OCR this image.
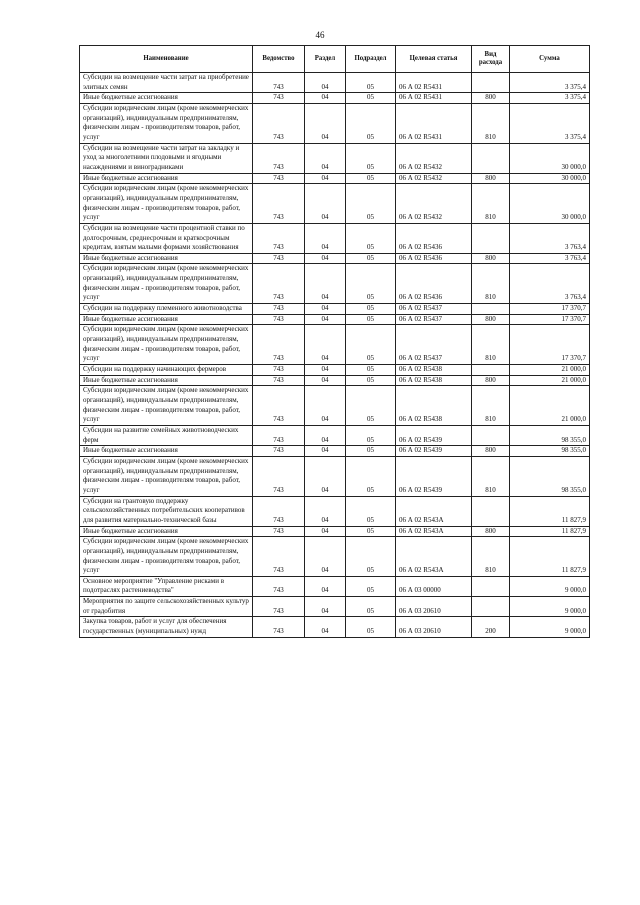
46
Наименование	Ведомство	Раздел	Подраздел	Целевая статья	Вид расхода	Сумма
Субсидии на возмещение части затрат на приобретение элитных семян	743	04	05	06 А 02 R5431		3 375,4
Иные бюджетные ассигнования	743	04	05	06 А 02 R5431	800	3 375,4
Субсидии юридическим лицам (кроме некоммерческих организаций), индивидуальным предпринимателям, физическим лицам - производителям товаров, работ, услуг	743	04	05	06 А 02 R5431	810	3 375,4
Субсидии на возмещение части затрат на закладку и уход за многолетними плодовыми и ягодными насаждениями и виноградниками	743	04	05	06 А 02 R5432		30 000,0
Иные бюджетные ассигнования	743	04	05	06 А 02 R5432	800	30 000,0
Субсидии юридическим лицам (кроме некоммерческих организаций), индивидуальным предпринимателям, физическим лицам - производителям товаров, работ, услуг	743	04	05	06 А 02 R5432	810	30 000,0
Субсидии на возмещение части процентной ставки по долгосрочным, среднесрочным и краткосрочным кредитам, взятым малыми формами хозяйствования	743	04	05	06 А 02 R5436		3 763,4
Иные бюджетные ассигнования	743	04	05	06 А 02 R5436	800	3 763,4
Субсидии юридическим лицам (кроме некоммерческих организаций), индивидуальным предпринимателям, физическим лицам - производителям товаров, работ, услуг	743	04	05	06 А 02 R5436	810	3 763,4
Субсидии на поддержку племенного животноводства	743	04	05	06 А 02 R5437		17 370,7
Иные бюджетные ассигнования	743	04	05	06 А 02 R5437	800	17 370,7
Субсидии юридическим лицам (кроме некоммерческих организаций), индивидуальным предпринимателям, физическим лицам - производителям товаров, работ, услуг	743	04	05	06 А 02 R5437	810	17 370,7
Субсидии на поддержку начинающих фермеров	743	04	05	06 А 02 R5438		21 000,0
Иные бюджетные ассигнования	743	04	05	06 А 02 R5438	800	21 000,0
Субсидии юридическим лицам (кроме некоммерческих организаций), индивидуальным предпринимателям, физическим лицам - производителям товаров, работ, услуг	743	04	05	06 А 02 R5438	810	21 000,0
Субсидии на развитие семейных животноводческих ферм	743	04	05	06 А 02 R5439		98 355,0
Иные бюджетные ассигнования	743	04	05	06 А 02 R5439	800	98 355,0
Субсидии юридическим лицам (кроме некоммерческих организаций), индивидуальным предпринимателям, физическим лицам - производителям товаров, работ, услуг	743	04	05	06 А 02 R5439	810	98 355,0
Субсидии на грантовую поддержку сельскохозяйственных потребительских кооперативов для развития материально-технической базы	743	04	05	06 А 02 R543A		11 827,9
Иные бюджетные ассигнования	743	04	05	06 А 02 R543A	800	11 827,9
Субсидии юридическим лицам (кроме некоммерческих организаций), индивидуальным предпринимателям, физическим лицам - производителям товаров, работ, услуг	743	04	05	06 А 02 R543A	810	11 827,9
Основное мероприятие "Управление рисками в подотраслях растениеводства"	743	04	05	06 А 03 00000		9 000,0
Мероприятия по защите сельскохозяйственных культур от градобития	743	04	05	06 А 03 20610		9 000,0
Закупка товаров, работ и услуг для обеспечения государственных (муниципальных) нужд	743	04	05	06 А 03 20610	200	9 000,0
